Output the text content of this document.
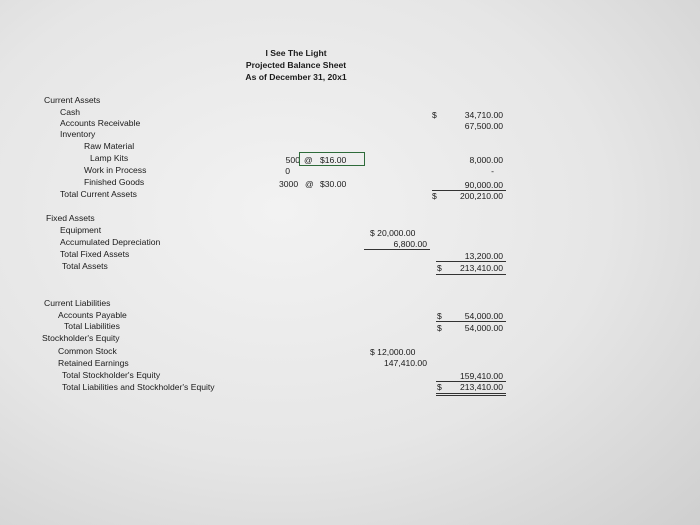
I See The Light
Projected Balance Sheet
As of December 31, 20x1
Current Assets
Cash	$	34,710.00
Accounts Receivable	67,500.00
Inventory
Raw Material
Lamp Kits	500 @ $16.00	8,000.00
Work in Process	0	-
Finished Goods	3000 @ $30.00	90,000.00
Total Current Assets	$	200,210.00
Fixed Assets
Equipment	$ 20,000.00
Accumulated Depreciation	6,800.00
Total Fixed Assets	13,200.00
Total Assets	$	213,410.00
Current Liabilities
Accounts Payable	$	54,000.00
Total Liabilities	$	54,000.00
Stockholder's Equity
Common Stock	$ 12,000.00
Retained Earnings	147,410.00
Total Stockholder's Equity	159,410.00
Total Liabilities and Stockholder's Equity	$	213,410.00
